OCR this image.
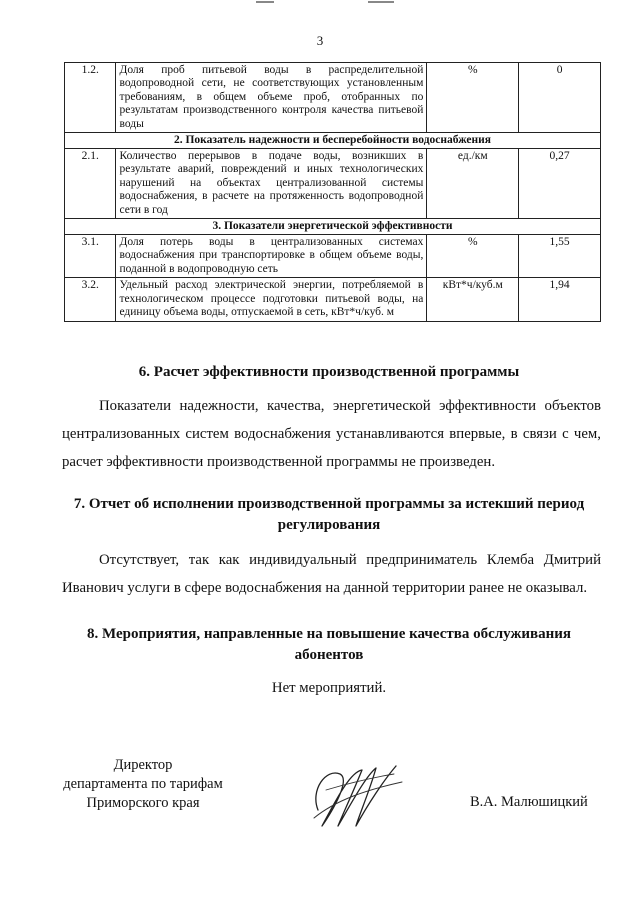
3
1.2.	Доля проб питьевой воды в распределительной водопроводной сети, не соответствующих установленным требованиям, в общем объеме проб, отобранных по результатам производственного контроля качества питьевой воды	%	0
2. Показатель надежности и бесперебойности водоснабжения			
2.1.	Количество перерывов в подаче воды, возникших в результате аварий, повреждений и иных технологических нарушений на объектах централизованной системы водоснабжения, в расчете на протяженность водопроводной сети в год	ед./км	0,27
3. Показатели энергетической эффективности			
3.1.	Доля потерь воды в централизованных системах водоснабжения при транспортировке в общем объеме воды, поданной в водопроводную сеть	%	1,55
3.2.	Удельный расход электрической энергии, потребляемой в технологическом процессе подготовки питьевой воды, на единицу объема воды, отпускаемой в сеть, кВт*ч/куб. м	кВт*ч/куб.м	1,94
6. Расчет эффективности производственной программы
Показатели надежности, качества, энергетической эффективности объектов централизованных систем водоснабжения устанавливаются впервые, в связи с чем, расчет эффективности производственной программы не произведен.
7. Отчет об исполнении производственной программы за истекший период регулирования
Отсутствует, так как индивидуальный предприниматель Клемба Дмитрий Иванович услуги в сфере водоснабжения на данной территории ранее не оказывал.
8. Мероприятия, направленные на повышение качества обслуживания абонентов
Нет мероприятий.
Директор
департамента по тарифам
Приморского края	В.А. Малюшицкий
